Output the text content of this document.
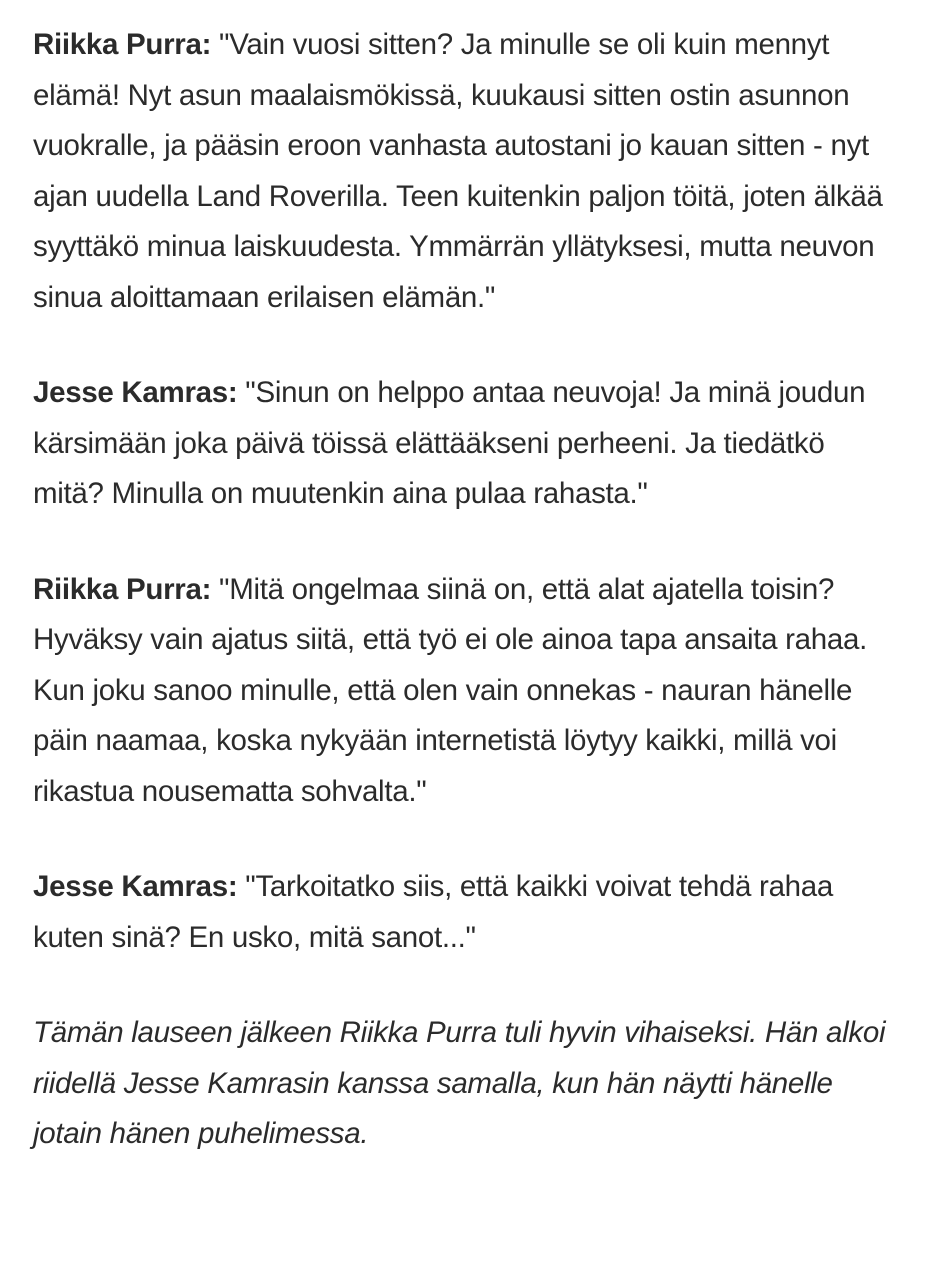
Riikka Purra: "Vain vuosi sitten? Ja minulle se oli kuin mennyt elämä! Nyt asun maalaismökissä, kuukausi sitten ostin asunnon vuokralle, ja pääsin eroon vanhasta autostani jo kauan sitten - nyt ajan uudella Land Roverilla. Teen kuitenkin paljon töitä, joten älkää syyttäkö minua laiskuudesta. Ymmärrän yllätyksesi, mutta neuvon sinua aloittamaan erilaisen elämän."

Jesse Kamras: "Sinun on helppo antaa neuvoja! Ja minä joudun kärsimään joka päivä töissä elättääkseni perheeni. Ja tiedätkö mitä? Minulla on muutenkin aina pulaa rahasta."

Riikka Purra: "Mitä ongelmaa siinä on, että alat ajatella toisin? Hyväksy vain ajatus siitä, että työ ei ole ainoa tapa ansaita rahaa. Kun joku sanoo minulle, että olen vain onnekas - nauran hänelle päin naamaa, koska nykyään internetistä löytyy kaikki, millä voi rikastua nousematta sohvalta."

Jesse Kamras: "Tarkoitatko siis, että kaikki voivat tehdä rahaa kuten sinä? En usko, mitä sanot..."

Tämän lauseen jälkeen Riikka Purra tuli hyvin vihaiseksi. Hän alkoi riidellä Jesse Kamrasin kanssa samalla, kun hän näytti hänelle jotain hänen puhelimessa.
